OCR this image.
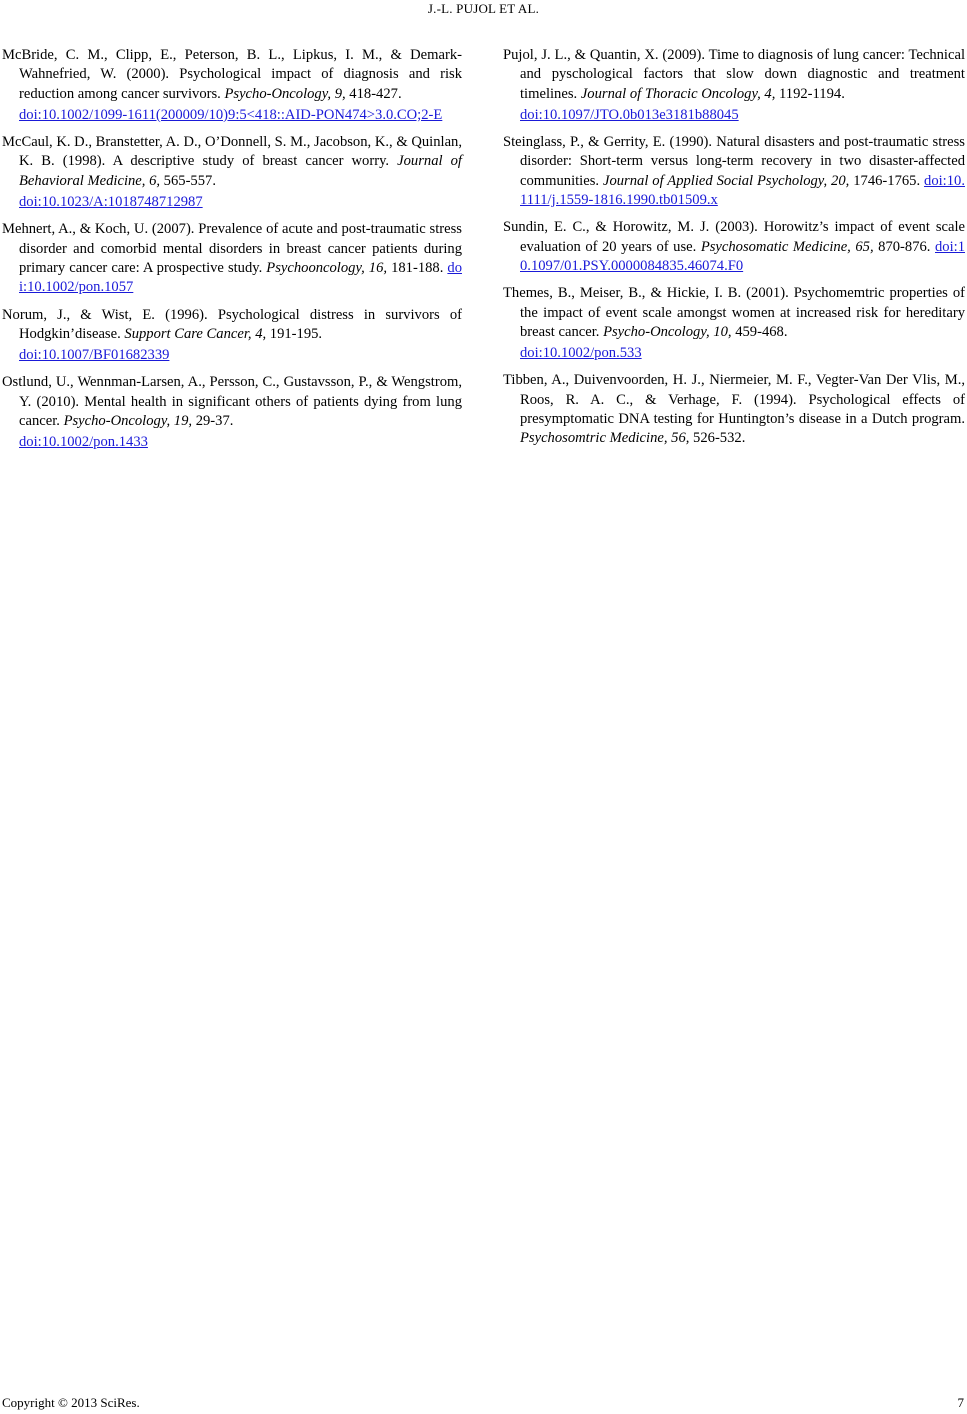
J.-L. PUJOL ET AL.

McBride, C. M., Clipp, E., Peterson, B. L., Lipkus, I. M., & Demark-Wahnefried, W. (2000). Psychological impact of diagnosis and risk reduction among cancer survivors. Psycho-Oncology, 9, 418-427.
doi:10.1002/1099-1611(200009/10)9:5<418::AID-PON474>3.0.CO;2-E

McCaul, K. D., Branstetter, A. D., O’Donnell, S. M., Jacobson, K., & Quinlan, K. B. (1998). A descriptive study of breast cancer worry. Journal of Behavioral Medicine, 6, 565-557.
doi:10.1023/A:1018748712987

Mehnert, A., & Koch, U. (2007). Prevalence of acute and post-traumatic stress disorder and comorbid mental disorders in breast cancer patients during primary cancer care: A prospective study. Psychooncology, 16, 181-188. doi:10.1002/pon.1057

Norum, J., & Wist, E. (1996). Psychological distress in survivors of Hodgkin’disease. Support Care Cancer, 4, 191-195.
doi:10.1007/BF01682339

Ostlund, U., Wennman-Larsen, A., Persson, C., Gustavsson, P., & Wengstrom, Y. (2010). Mental health in significant others of patients dying from lung cancer. Psycho-Oncology, 19, 29-37.
doi:10.1002/pon.1433

Pujol, J. L., & Quantin, X. (2009). Time to diagnosis of lung cancer: Technical and pyschological factors that slow down diagnostic and treatment timelines. Journal of Thoracic Oncology, 4, 1192-1194.
doi:10.1097/JTO.0b013e3181b88045

Steinglass, P., & Gerrity, E. (1990). Natural disasters and post-traumatic stress disorder: Short-term versus long-term recovery in two disaster-affected communities. Journal of Applied Social Psychology, 20, 1746-1765. doi:10.1111/j.1559-1816.1990.tb01509.x

Sundin, E. C., & Horowitz, M. J. (2003). Horowitz’s impact of event scale evaluation of 20 years of use. Psychosomatic Medicine, 65, 870-876. doi:10.1097/01.PSY.0000084835.46074.F0

Themes, B., Meiser, B., & Hickie, I. B. (2001). Psychomemtric properties of the impact of event scale amongst women at increased risk for hereditary breast cancer. Psycho-Oncology, 10, 459-468.
doi:10.1002/pon.533

Tibben, A., Duivenvoorden, H. J., Niermeier, M. F., Vegter-Van Der Vlis, M., Roos, R. A. C., & Verhage, F. (1994). Psychological effects of presymptomatic DNA testing for Huntington’s disease in a Dutch program. Psychosomtric Medicine, 56, 526-532.

Copyright © 2013 SciRes.	7
